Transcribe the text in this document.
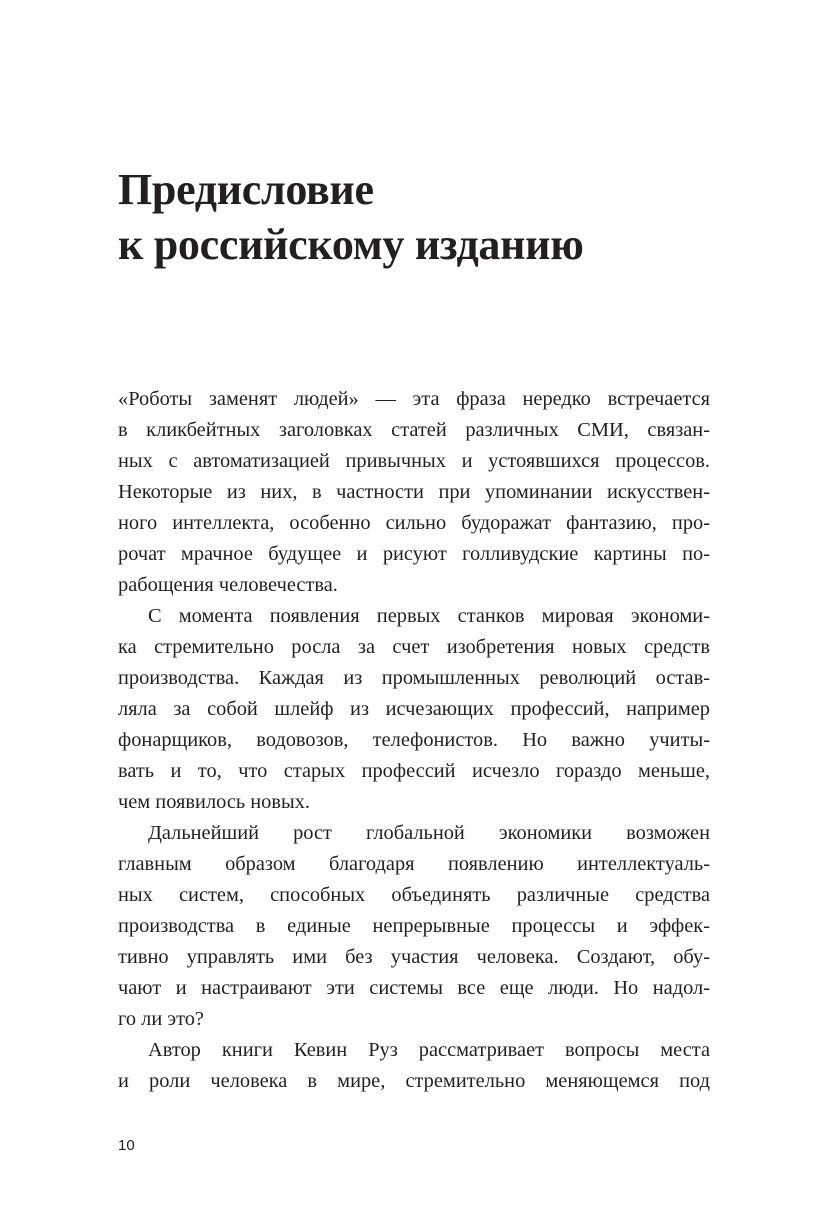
Предисловие
к российскому изданию
«Роботы заменят людей» — эта фраза нередко встречается
в кликбейтных заголовках статей различных СМИ, связан-
ных с автоматизацией привычных и устоявшихся процессов.
Некоторые из них, в частности при упоминании искусствен-
ного интеллекта, особенно сильно будоражат фантазию, про-
рочат мрачное будущее и рисуют голливудские картины по-
рабощения человечества.
С момента появления первых станков мировая экономи-
ка стремительно росла за счет изобретения новых средств
производства. Каждая из промышленных революций остав-
ляла за собой шлейф из исчезающих профессий, например
фонарщиков, водовозов, телефонистов. Но важно учиты-
вать и то, что старых профессий исчезло гораздо меньше,
чем появилось новых.
Дальнейший рост глобальной экономики возможен
главным образом благодаря появлению интеллектуаль-
ных систем, способных объединять различные средства
производства в единые непрерывные процессы и эффек-
тивно управлять ими без участия человека. Создают, обу-
чают и настраивают эти системы все еще люди. Но надол-
го ли это?
Автор книги Кевин Руз рассматривает вопросы места
и роли человека в мире, стремительно меняющемся под
10
